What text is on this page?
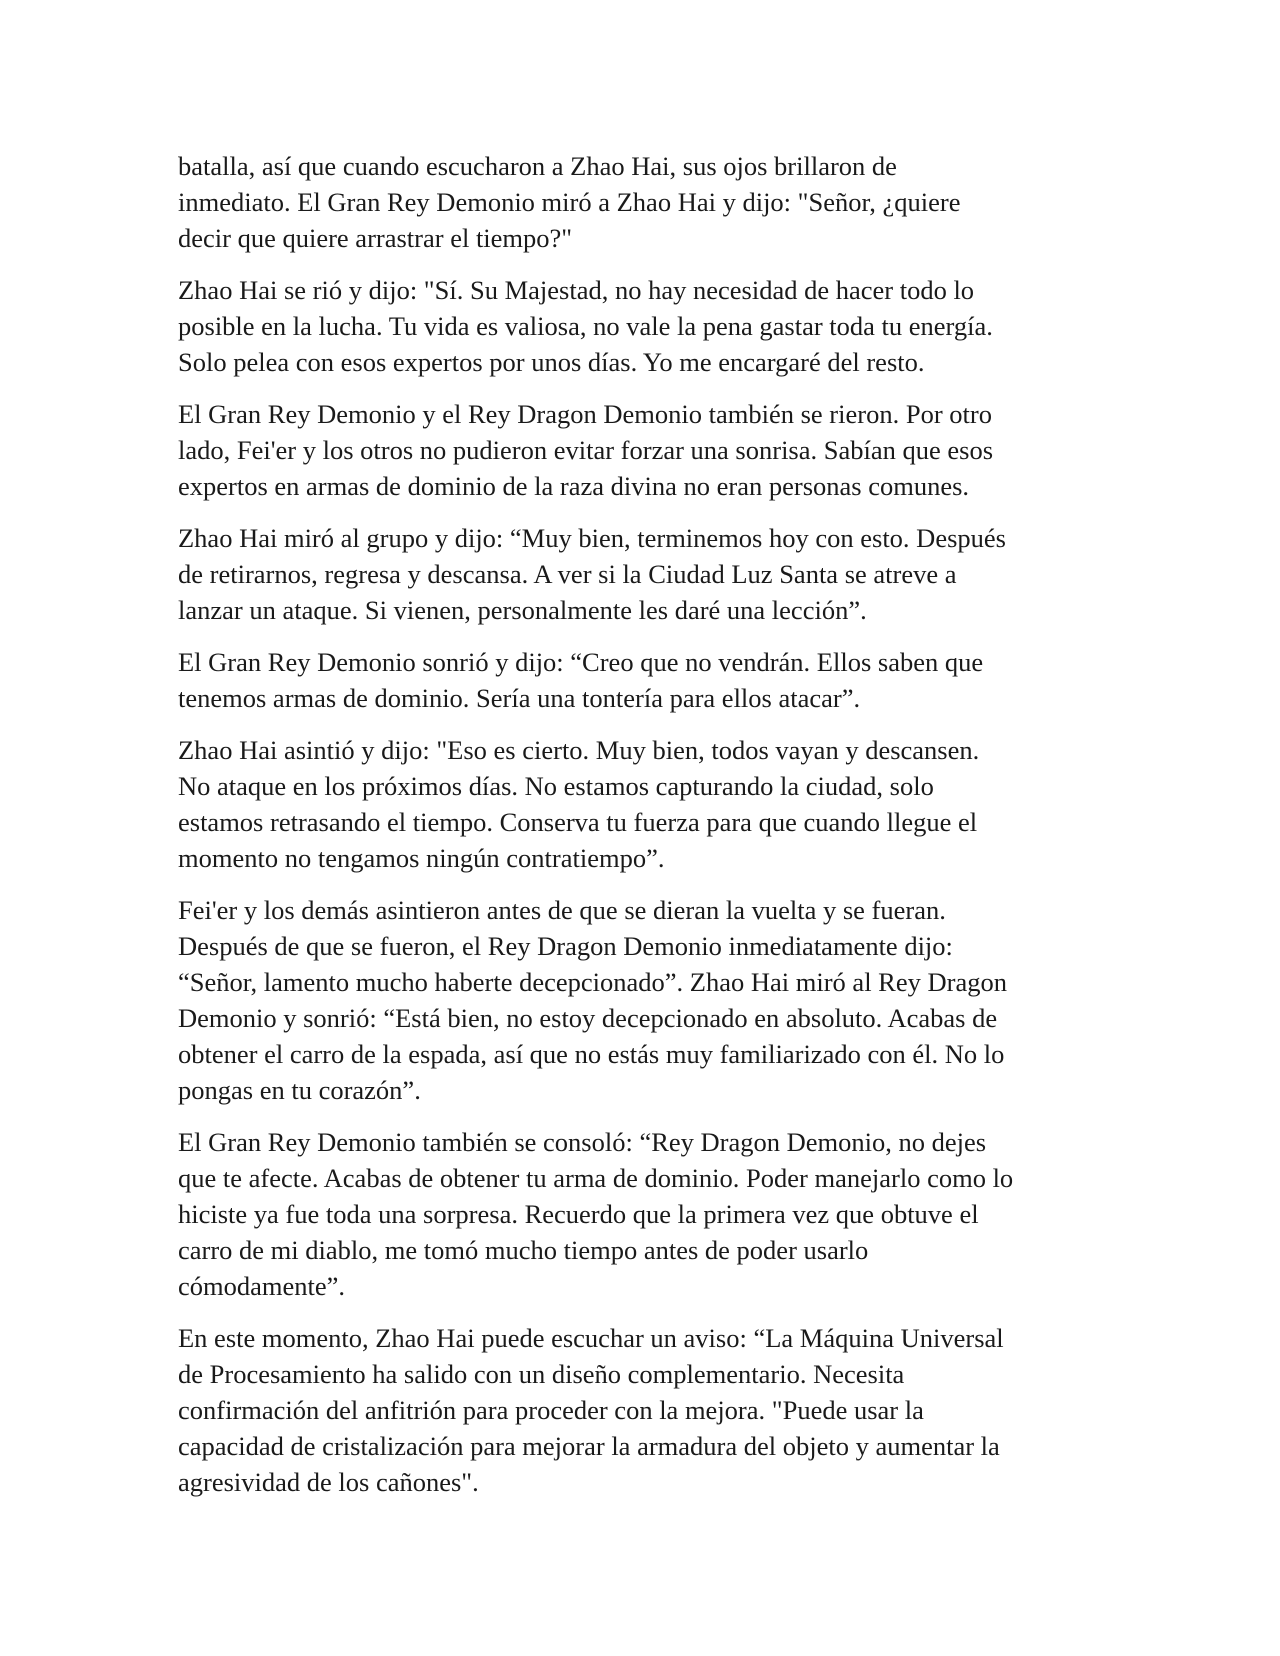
batalla, así que cuando escucharon a Zhao Hai, sus ojos brillaron de
inmediato. El Gran Rey Demonio miró a Zhao Hai y dijo: "Señor, ¿quiere
decir que quiere arrastrar el tiempo?"

Zhao Hai se rió y dijo: "Sí. Su Majestad, no hay necesidad de hacer todo lo
posible en la lucha. Tu vida es valiosa, no vale la pena gastar toda tu energía.
Solo pelea con esos expertos por unos días. Yo me encargaré del resto.

El Gran Rey Demonio y el Rey Dragon Demonio también se rieron. Por otro
lado, Fei'er y los otros no pudieron evitar forzar una sonrisa. Sabían que esos
expertos en armas de dominio de la raza divina no eran personas comunes.

Zhao Hai miró al grupo y dijo: “Muy bien, terminemos hoy con esto. Después
de retirarnos, regresa y descansa. A ver si la Ciudad Luz Santa se atreve a
lanzar un ataque. Si vienen, personalmente les daré una lección”.

El Gran Rey Demonio sonrió y dijo: “Creo que no vendrán. Ellos saben que
tenemos armas de dominio. Sería una tontería para ellos atacar”.

Zhao Hai asintió y dijo: "Eso es cierto. Muy bien, todos vayan y descansen.
No ataque en los próximos días. No estamos capturando la ciudad, solo
estamos retrasando el tiempo. Conserva tu fuerza para que cuando llegue el
momento no tengamos ningún contratiempo”.

Fei'er y los demás asintieron antes de que se dieran la vuelta y se fueran.
Después de que se fueron, el Rey Dragon Demonio inmediatamente dijo:
“Señor, lamento mucho haberte decepcionado”. Zhao Hai miró al Rey Dragon
Demonio y sonrió: “Está bien, no estoy decepcionado en absoluto. Acabas de
obtener el carro de la espada, así que no estás muy familiarizado con él. No lo
pongas en tu corazón”.

El Gran Rey Demonio también se consoló: “Rey Dragon Demonio, no dejes
que te afecte. Acabas de obtener tu arma de dominio. Poder manejarlo como lo
hiciste ya fue toda una sorpresa. Recuerdo que la primera vez que obtuve el
carro de mi diablo, me tomó mucho tiempo antes de poder usarlo
cómodamente”.

En este momento, Zhao Hai puede escuchar un aviso: “La Máquina Universal
de Procesamiento ha salido con un diseño complementario. Necesita
confirmación del anfitrión para proceder con la mejora. "Puede usar la
capacidad de cristalización para mejorar la armadura del objeto y aumentar la
agresividad de los cañones".
